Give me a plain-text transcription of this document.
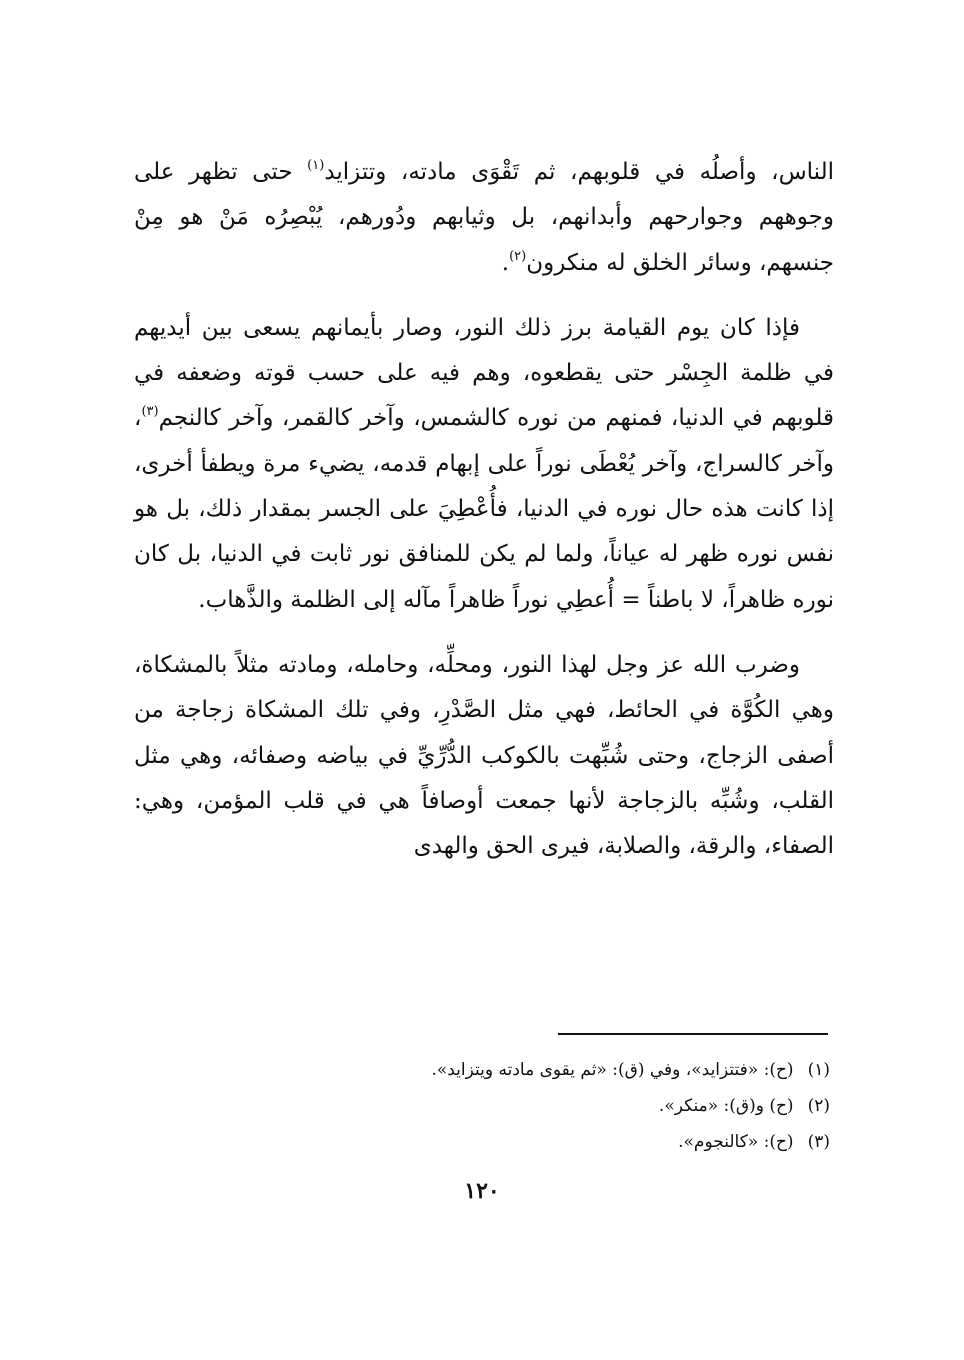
الناس، وأصلُه في قلوبهم، ثم تَقْوَى مادته، وتتزايد$^{(١)}$ حتى تظهر على وجوههم وجوارحهم وأبدانهم، بل وثيابهم ودُورهم، يُبْصِرُه مَنْ هو مِنْ جنسهم، وسائر الخلق له منكرون$^{(٢)}$.

فإذا كان يوم القيامة برز ذلك النور، وصار بأيمانهم يسعى بين أيديهم في ظلمة الجِسْر حتى يقطعوه، وهم فيه على حسب قوته وضعفه في قلوبهم في الدنيا، فمنهم من نوره كالشمس، وآخر كالقمر، وآخر كالنجم$^{(٣)}$، وآخر كالسراج، وآخر يُعْطَى نوراً على إبهام قدمه، يضيء مرة ويطفأ أخرى، إذا كانت هذه حال نوره في الدنيا، فأُعْطِيَ على الجسر بمقدار ذلك، بل هو نفس نوره ظهر له عياناً، ولما لم يكن للمنافق نور ثابت في الدنيا، بل كان نوره ظاهراً، لا باطناً = أُعطِي نوراً ظاهراً مآله إلى الظلمة والذَّهاب.

وضرب الله عز وجل لهذا النور، ومحلِّه، وحامله، ومادته مثلاً بالمشكاة، وهي الكُوَّة في الحائط، فهي مثل الصَّدْرِ، وفي تلك المشكاة زجاجة من أصفى الزجاج، وحتى شُبِّهت بالكوكب الدُّرِّيِّ في بياضه وصفائه، وهي مثل القلب، وشُبِّه بالزجاجة لأنها جمعت أوصافاً هي في قلب المؤمن، وهي: الصفاء، والرقة، والصلابة، فيرى الحق والهدى

(١)
(ح): «فتتزايد»، وفي (ق): «ثم يقوى مادته ويتزايد».
(٢)
(ح) و(ق): «منكر».
(٣)
(ح): «كالنجوم».
١٢٠
